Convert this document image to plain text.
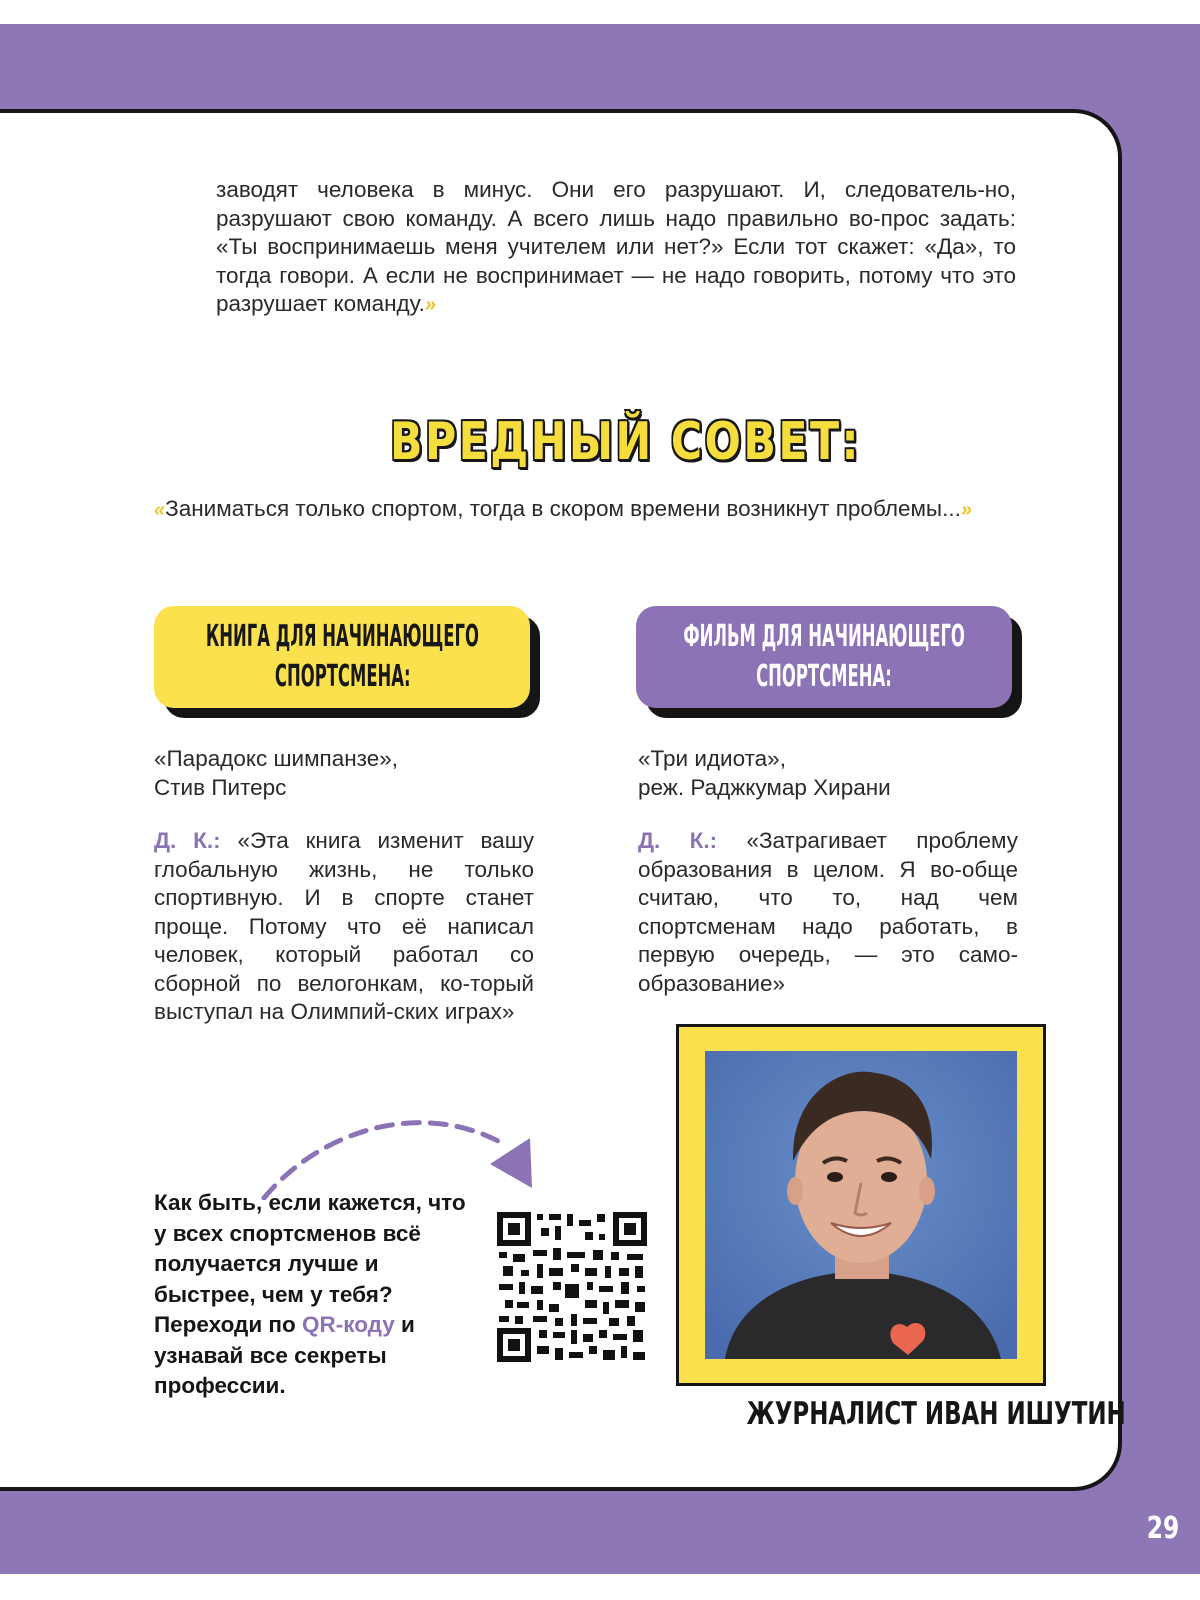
29

заводят человека в минус. Они его разрушают. И, следователь-но, разрушают свою команду. А всего лишь надо правильно во-прос задать: «Ты воспринимаешь меня учителем или нет?» Если тот скажет: «Да», то тогда говори. А если не воспринимает — не надо говорить, потому что это разрушает команду.»

ВРЕДНЫЙ СОВЕТ:

«Заниматься только спортом, тогда в скором времени возникнут проблемы...»

КНИГА ДЛЯ НАЧИНАЮЩЕГО
СПОРТСМЕНА:
ФИЛЬМ ДЛЯ НАЧИНАЮЩЕГО
СПОРТСМЕНА:

«Парадокс шимпанзе»,
Стив Питерс

Д. К.: «Эта книга изменит вашу глобальную жизнь, не только спортивную. И в спорте станет проще. Потому что её написал человек, который работал со сборной по велогонкам, ко-торый выступал на Олимпий-ских играх»

«Три идиота»,
реж. Раджкумар Хирани

Д. К.: «Затрагивает проблему образования в целом. Я во-обще считаю, что то, над чем спортсменам надо работать, в первую очередь, — это само-образование»

Как быть, если кажется, что у всех спортсменов всё получается лучше и быстрее, чем у тебя? Переходи по QR-коду и узнавай все секреты профессии.

ЖУРНАЛИСТ ИВАН ИШУТИН
